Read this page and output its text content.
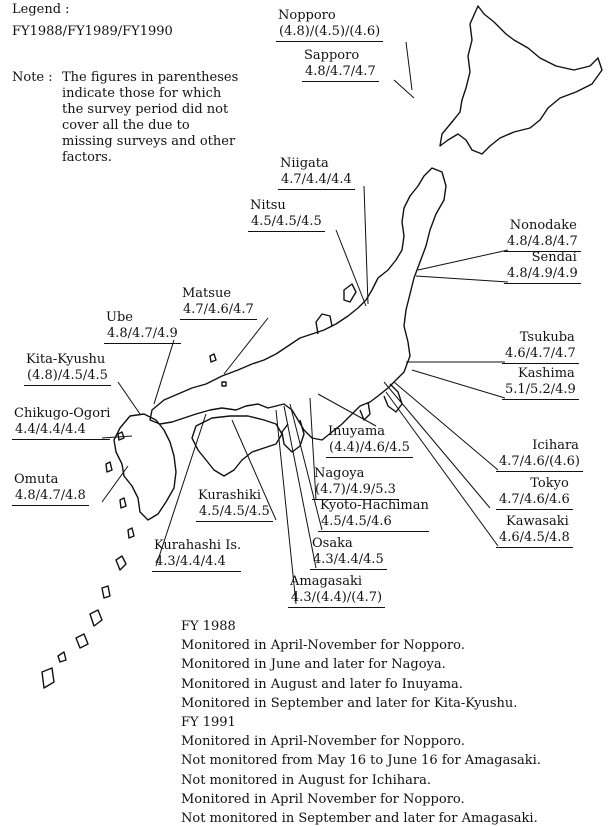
Legend :
FY1988/FY1989/FY1990
Note : The figures in parentheses indicate those for which the survey period did not cover all the due to missing surveys and other factors.
Nopporo
(4.8)/(4.5)/(4.6)
Sapporo
4.8/4.7/4.7
Niigata
4.7/4.4/4.4
Nitsu
4.5/4.5/4.5	Nonodake
4.8/4.8/4.7
Sendai
4.8/4.9/4.9
Matsue
4.7/4.6/4.7
Ube
4.8/4.7/4.9
Kita-Kyushu
(4.8)/4.5/4.5
Tsukuba
4.6/4.7/4.7
Kashima
5.1/5.2/4.9
Chikugo-Ogori
4.4/4.4/4.4	Inuyama
(4.4)/4.6/4.5	Icihara
4.7/4.6/(4.6)
Omuta
4.8/4.7/4.8
Nagoya
(4.7)/4.9/5.3	Tokyo
4.7/4.6/4.6
Kurashiki
4.5/4.5/4.5	Kyoto-Hachiman
4.5/4.5/4.6	Kawasaki
4.6/4.5/4.8
Osaka
4.3/4.4/4.5
Kurahashi Is.
4.3/4.4/4.4
Amagasaki
4.3/(4.4)/(4.7)
FY 1988
Monitored in April-November for Nopporo.
Monitored in June and later for Nagoya.
Monitored in August and later fo Inuyama.
Monitored in September and later for Kita-Kyushu.
FY 1991
Monitored in April-November for Nopporo.
Not monitored from May 16 to June 16 for Amagasaki.
Not monitored in August for Ichihara.
Monitored in April November for Nopporo.
Not monitored in September and later for Amagasaki.
